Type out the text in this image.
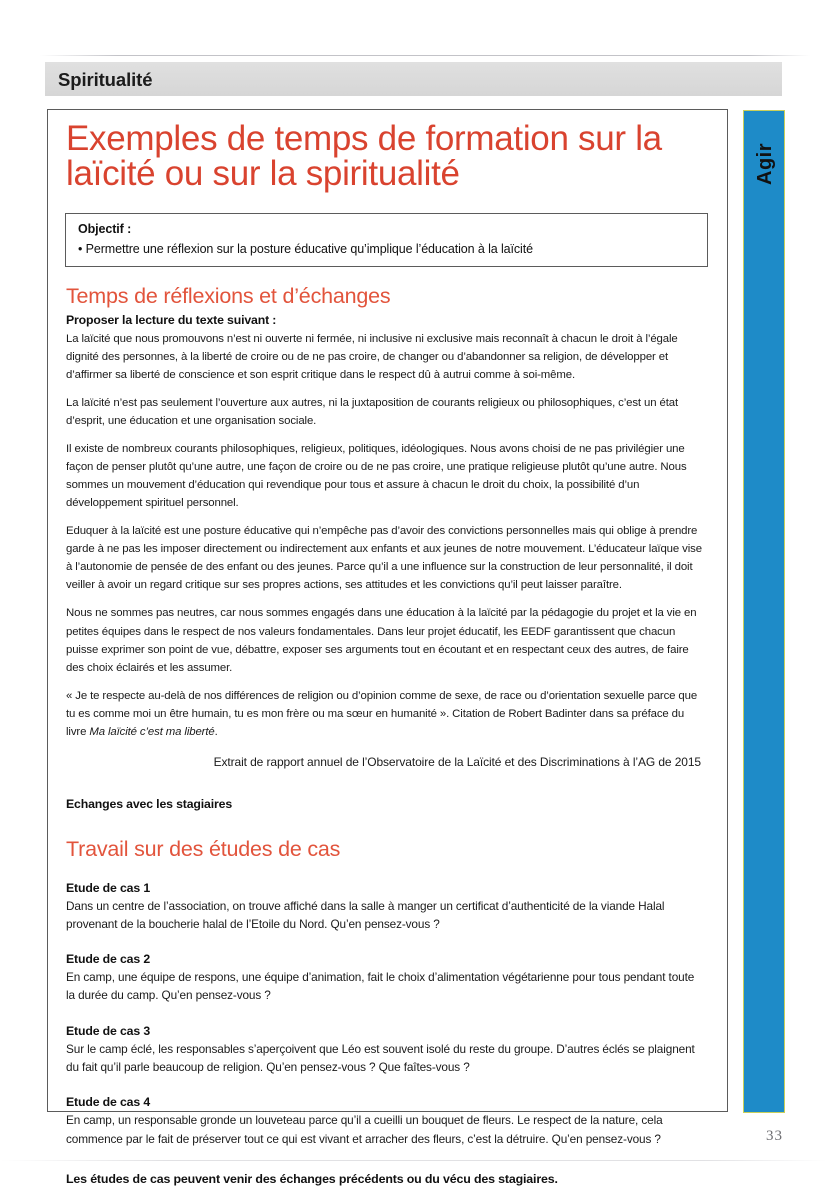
Spiritualité
Agir
Exemples de temps de formation sur la laïcité ou sur la spiritualité
Objectif :
• Permettre une réflexion sur la posture éducative qu’implique l’éducation à la laïcité
Temps de réflexions et d’échanges
Proposer la lecture du texte suivant :

La laïcité que nous promouvons n’est ni ouverte ni fermée, ni inclusive ni exclusive mais reconnaît à chacun le droit à l’égale dignité des personnes, à la liberté de croire ou de ne pas croire, de changer ou d’abandonner sa religion, de développer et d’affirmer sa liberté de conscience et son esprit critique dans le respect dû à autrui comme à soi-même.

La laïcité n’est pas seulement l’ouverture aux autres, ni la juxtaposition de courants religieux ou philosophiques, c’est un état d’esprit, une éducation et une organisation sociale.

Il existe de nombreux courants philosophiques, religieux, politiques, idéologiques. Nous avons choisi de ne pas privilégier une façon de penser plutôt qu’une autre, une façon de croire ou de ne pas croire, une pratique religieuse plutôt qu’une autre. Nous sommes un mouvement d’éducation qui revendique pour tous et assure à chacun le droit du choix, la possibilité d’un développement spirituel personnel.

Eduquer à la laïcité est une posture éducative qui n’empêche pas d’avoir des convictions personnelles mais qui oblige à prendre garde à ne pas les imposer directement ou indirectement aux enfants et aux jeunes de notre mouvement. L’éducateur laïque vise à l’autonomie de pensée de des enfant ou des jeunes. Parce qu’il a une influence sur la construction de leur personnalité, il doit veiller à avoir un regard critique sur ses propres actions, ses attitudes et les convictions qu’il peut laisser paraître.

Nous ne sommes pas neutres, car nous sommes engagés dans une éducation à la laïcité par la pédagogie du projet et la vie en petites équipes dans le respect de nos valeurs fondamentales. Dans leur projet éducatif, les EEDF garantissent que chacun puisse exprimer son point de vue, débattre, exposer ses arguments tout en écoutant et en respectant ceux des autres, de faire des choix éclairés et les assumer.

« Je te respecte au-delà de nos différences de religion ou d’opinion comme de sexe, de race ou d’orientation sexuelle parce que tu es comme moi un être humain, tu es mon frère ou ma sœur en humanité ». Citation de Robert Badinter dans sa préface du livre Ma laïcité c’est ma liberté.

Extrait de rapport annuel de l’Observatoire de la Laïcité et des Discriminations à l’AG de 2015
Echanges avec les stagiaires
Travail sur des études de cas
Etude de cas 1

Dans un centre de l’association, on trouve affiché dans la salle à manger un certificat d’authenticité de la viande Halal provenant de la boucherie halal de l’Etoile du Nord. Qu’en pensez-vous ?

Etude de cas 2

En camp, une équipe de respons, une équipe d’animation, fait le choix d’alimentation végétarienne pour tous pendant toute la durée du camp. Qu’en pensez-vous ?

Etude de cas 3

Sur le camp éclé, les responsables s’aperçoivent que Léo est souvent isolé du reste du groupe. D’autres éclés se plaignent du fait qu’il parle beaucoup de religion. Qu’en pensez-vous ? Que faîtes-vous ?

Etude de cas 4

En camp, un responsable gronde un louveteau parce qu’il a cueilli un bouquet de fleurs. Le respect de la nature, cela commence par le fait de préserver tout ce qui est vivant et arracher des fleurs, c’est la détruire. Qu’en pensez-vous ?

Les études de cas peuvent venir des échanges précédents ou du vécu des stagiaires.
33
